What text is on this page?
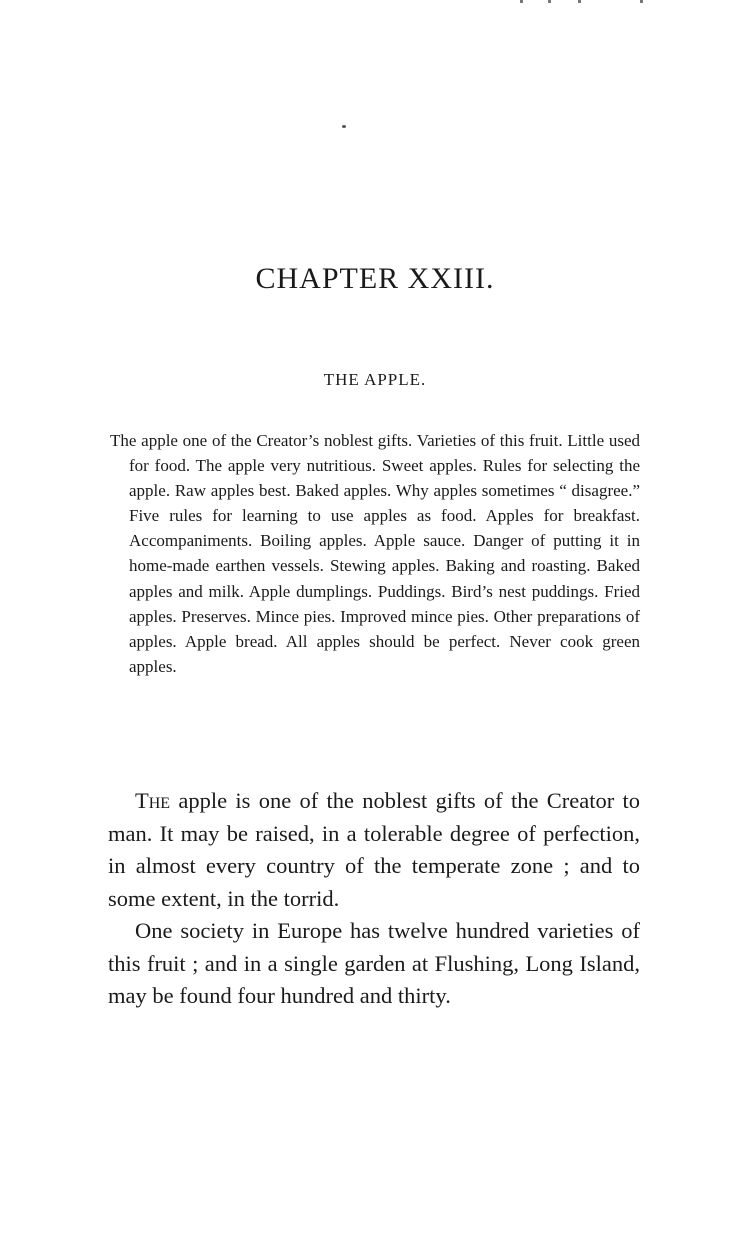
CHAPTER XXIII.
THE APPLE.

The apple one of the Creator’s noblest gifts. Varieties of this fruit. Little used for food. The apple very nutritious. Sweet apples. Rules for selecting the apple. Raw apples best. Baked apples. Why apples sometimes “ disagree.” Five rules for learning to use apples as food. Apples for breakfast. Accompaniments. Boiling apples. Apple sauce. Danger of putting it in home-made earthen vessels. Stewing apples. Baking and roasting. Baked apples and milk. Apple dumplings. Puddings. Bird’s nest puddings. Fried apples. Preserves. Mince pies. Improved mince pies. Other preparations of apples. Apple bread. All apples should be perfect. Never cook green apples.

The apple is one of the noblest gifts of the Creator to man. It may be raised, in a tolerable degree of perfection, in almost every country of the temperate zone ; and to some extent, in the torrid.

One society in Europe has twelve hundred varieties of this fruit ; and in a single garden at Flushing, Long Island, may be found four hundred and thirty.
